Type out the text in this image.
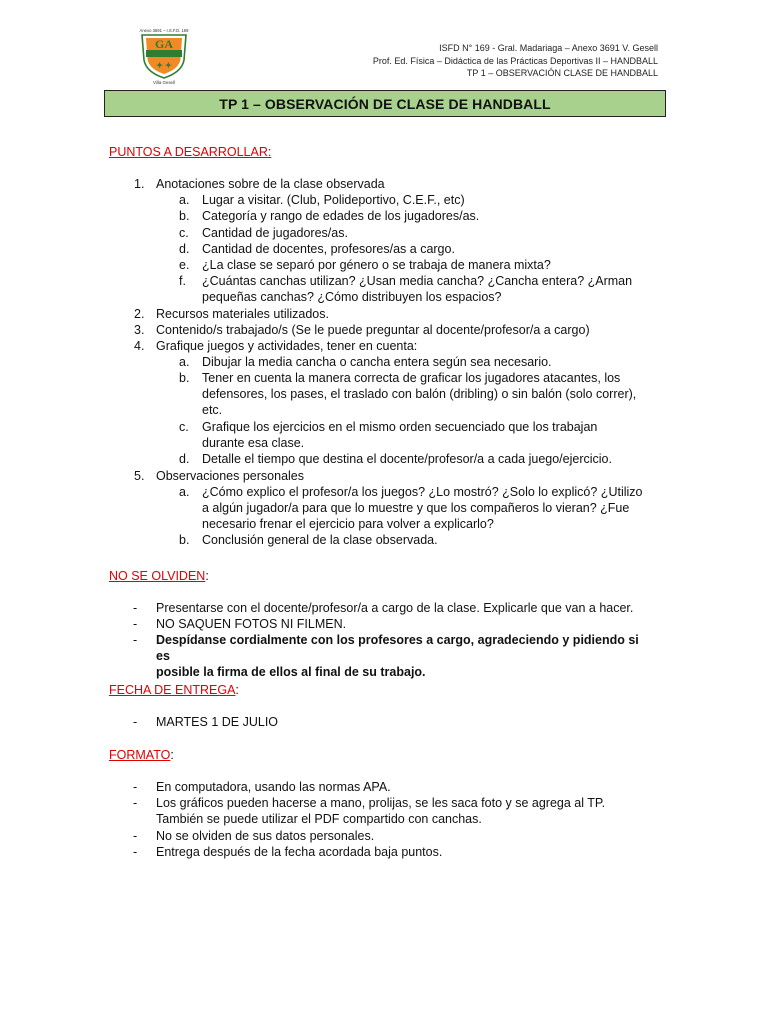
Anexo 3691 – I.S.F.D. 169
GA
✦ ✦
Villa Gesell
ISFD N° 169 - Gral. Madariaga – Anexo 3691 V. Gesell
Prof. Ed. Física – Didáctica de las Prácticas Deportivas II – HANDBALL
TP 1 – OBSERVACIÓN CLASE DE HANDBALL
TP 1 – OBSERVACIÓN DE CLASE DE HANDBALL
PUNTOS A DESARROLLAR:
1. Anotaciones sobre de la clase observada
a. Lugar a visitar. (Club, Polideportivo, C.E.F., etc)
b. Categoría y rango de edades de los jugadores/as.
c. Cantidad de jugadores/as.
d. Cantidad de docentes, profesores/as a cargo.
e. ¿La clase se separó por género o se trabaja de manera mixta?
f. ¿Cuántas canchas utilizan? ¿Usan media cancha? ¿Cancha entera? ¿Arman
pequeñas canchas? ¿Cómo distribuyen los espacios?
2. Recursos materiales utilizados.
3. Contenido/s trabajado/s (Se le puede preguntar al docente/profesor/a a cargo)
4. Grafique juegos y actividades, tener en cuenta:
a. Dibujar la media cancha o cancha entera según sea necesario.
b. Tener en cuenta la manera correcta de graficar los jugadores atacantes, los
defensores, los pases, el traslado con balón (dribling) o sin balón (solo correr),
etc.
c. Grafique los ejercicios en el mismo orden secuenciado que los trabajan
durante esa clase.
d. Detalle el tiempo que destina el docente/profesor/a a cada juego/ejercicio.
5. Observaciones personales
a. ¿Cómo explico el profesor/a los juegos? ¿Lo mostró? ¿Solo lo explicó? ¿Utilizo
a algún jugador/a para que lo muestre y que los compañeros lo vieran? ¿Fue
necesario frenar el ejercicio para volver a explicarlo?
b. Conclusión general de la clase observada.
NO SE OLVIDEN:
- Presentarse con el docente/profesor/a a cargo de la clase. Explicarle que van a hacer.
- NO SAQUEN FOTOS NI FILMEN.
- Despídanse cordialmente con los profesores a cargo, agradeciendo y pidiendo si es
posible la firma de ellos al final de su trabajo.
FECHA DE ENTREGA:
- MARTES 1 DE JULIO
FORMATO:
- En computadora, usando las normas APA.
- Los gráficos pueden hacerse a mano, prolijas, se les saca foto y se agrega al TP.
También se puede utilizar el PDF compartido con canchas.
- No se olviden de sus datos personales.
- Entrega después de la fecha acordada baja puntos.
